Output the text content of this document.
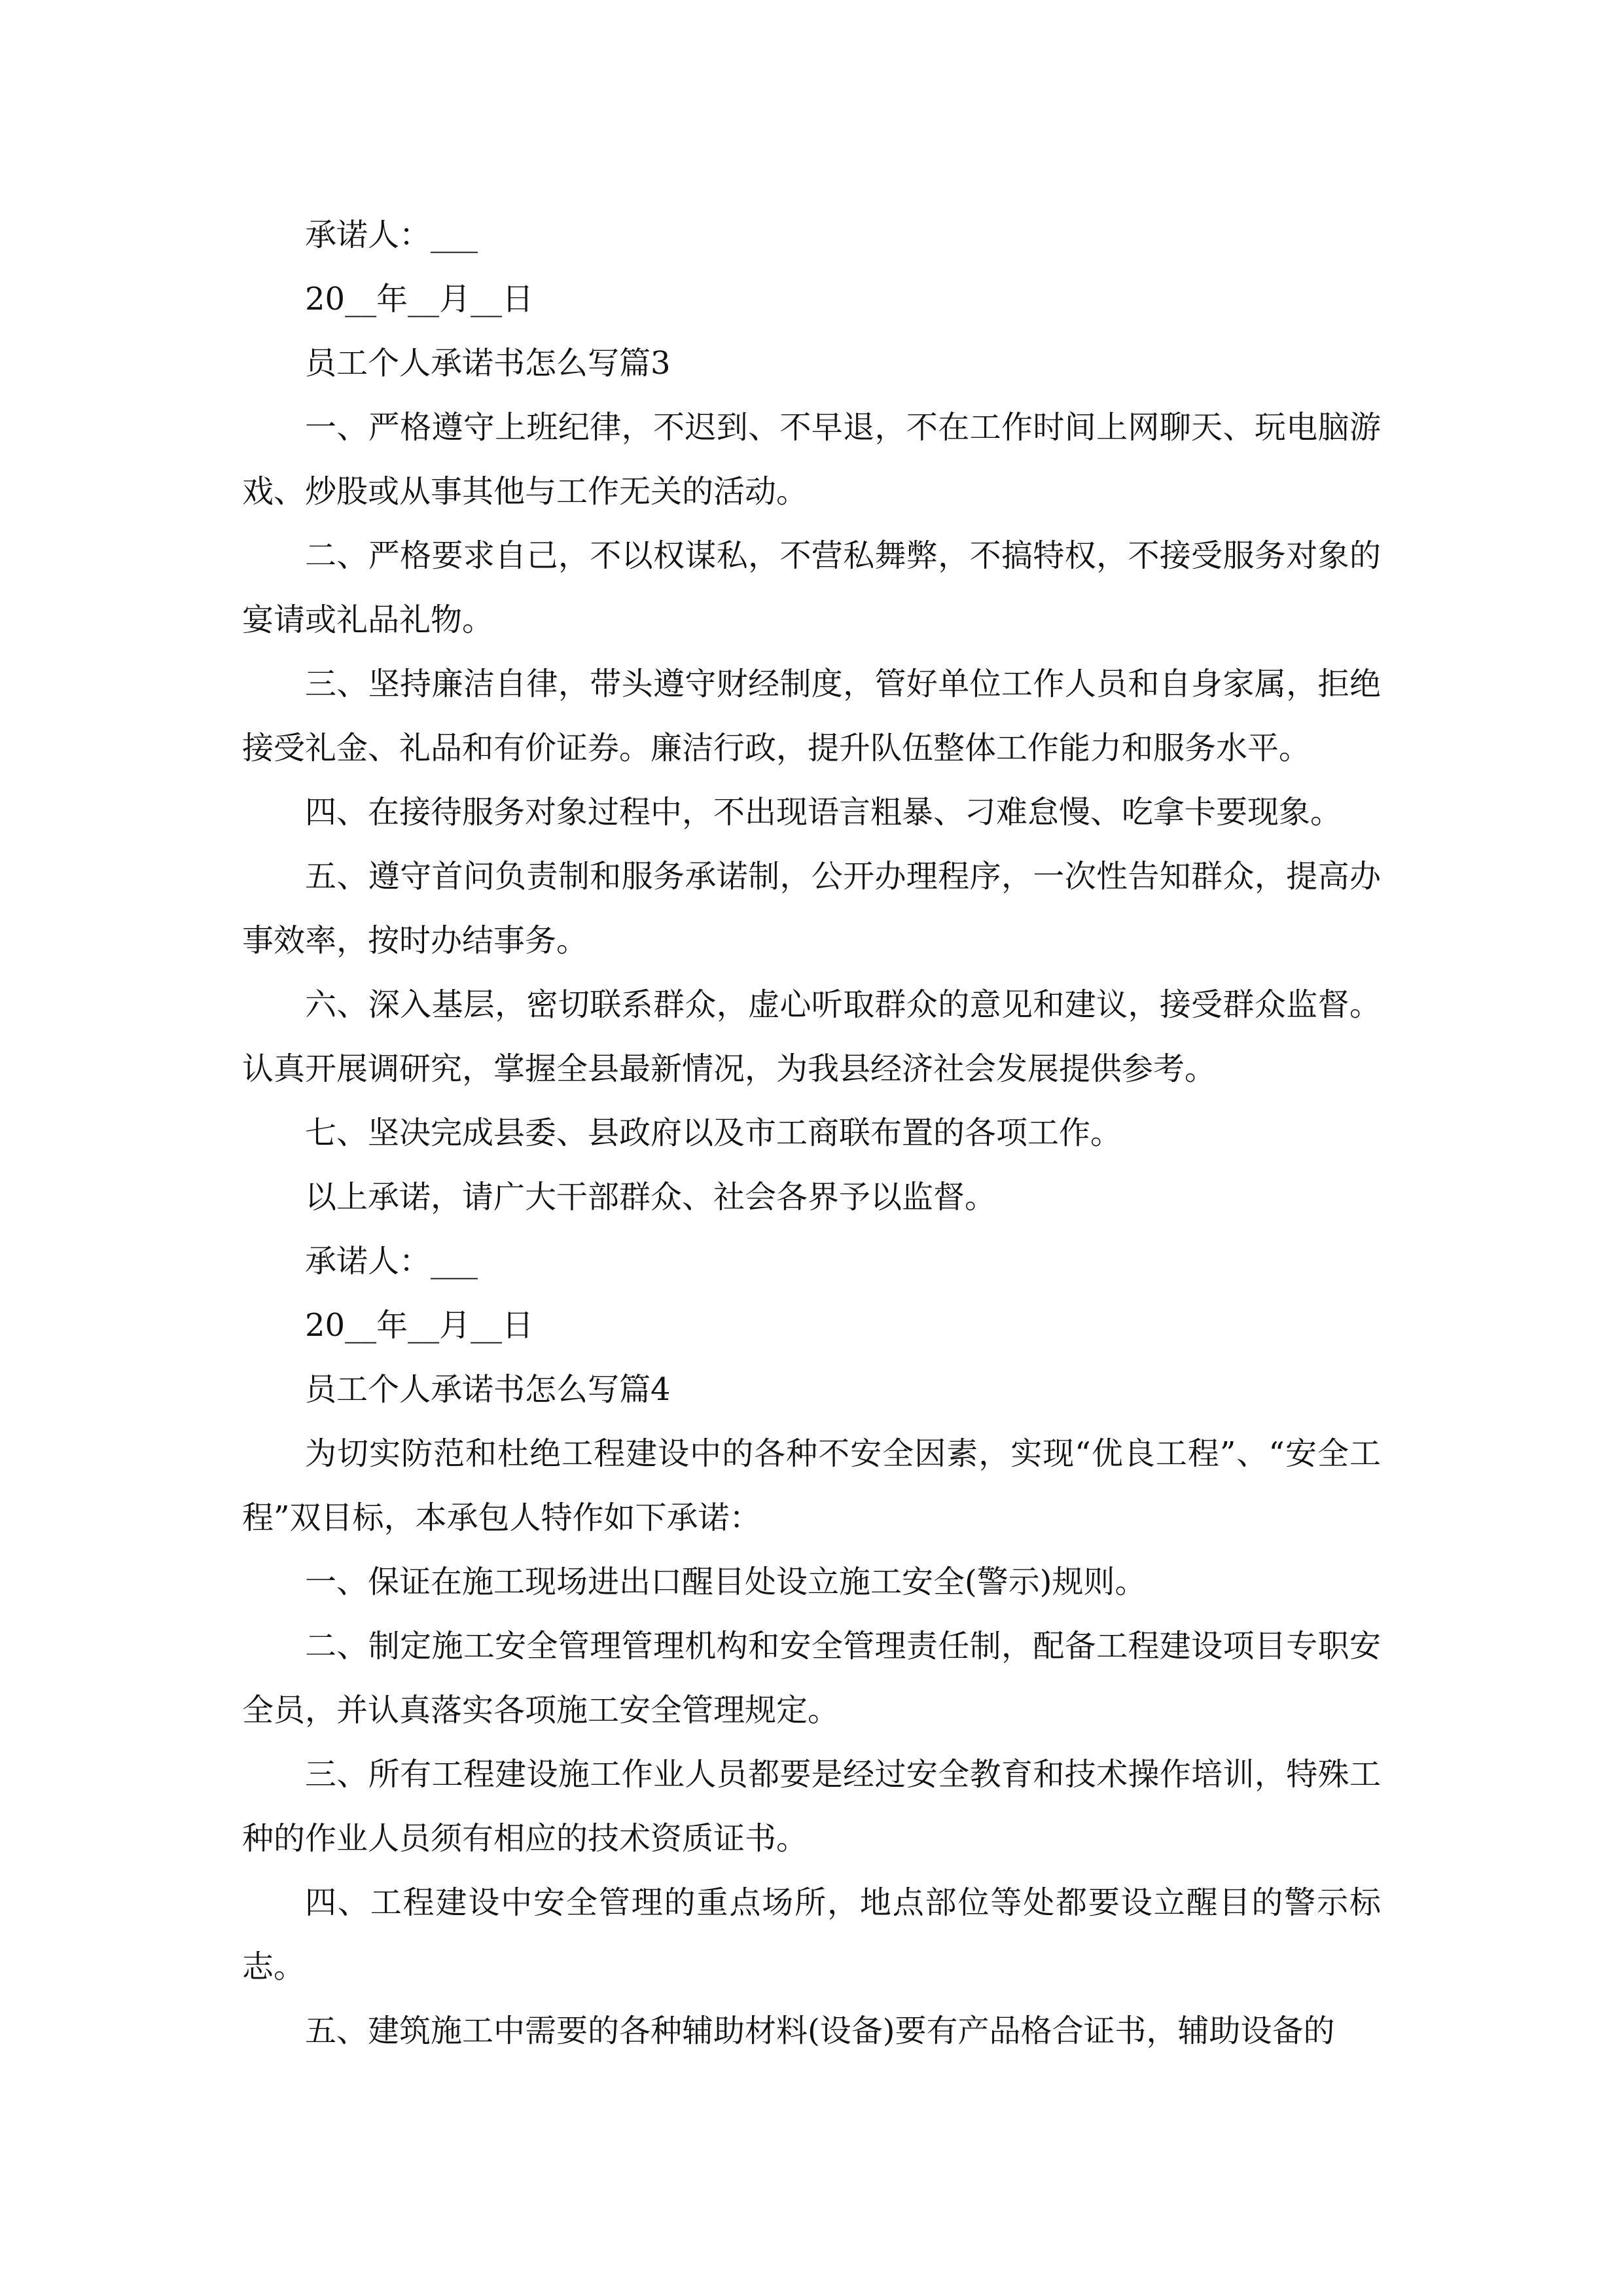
承诺人：___

20__年__月__日

员工个人承诺书怎么写篇3

一、严格遵守上班纪律，不迟到、不早退，不在工作时间上网聊天、玩电脑游戏、炒股或从事其他与工作无关的活动。

二、严格要求自己，不以权谋私，不营私舞弊，不搞特权，不接受服务对象的宴请或礼品礼物。

三、坚持廉洁自律，带头遵守财经制度，管好单位工作人员和自身家属，拒绝接受礼金、礼品和有价证券。廉洁行政，提升队伍整体工作能力和服务水平。

四、在接待服务对象过程中，不出现语言粗暴、刁难怠慢、吃拿卡要现象。

五、遵守首问负责制和服务承诺制，公开办理程序，一次性告知群众，提高办事效率，按时办结事务。

六、深入基层，密切联系群众，虚心听取群众的意见和建议，接受群众监督。认真开展调研究，掌握全县最新情况，为我县经济社会发展提供参考。

七、坚决完成县委、县政府以及市工商联布置的各项工作。

以上承诺，请广大干部群众、社会各界予以监督。

承诺人：___

20__年__月__日

员工个人承诺书怎么写篇4

为切实防范和杜绝工程建设中的各种不安全因素，实现“优良工程”、“安全工程”双目标，本承包人特作如下承诺：

一、保证在施工现场进出口醒目处设立施工安全(警示)规则。

二、制定施工安全管理管理机构和安全管理责任制，配备工程建设项目专职安全员，并认真落实各项施工安全管理规定。

三、所有工程建设施工作业人员都要是经过安全教育和技术操作培训，特殊工种的作业人员须有相应的技术资质证书。

四、工程建设中安全管理的重点场所，地点部位等处都要设立醒目的警示标志。

五、建筑施工中需要的各种辅助材料(设备)要有产品格合证书，辅助设备的
